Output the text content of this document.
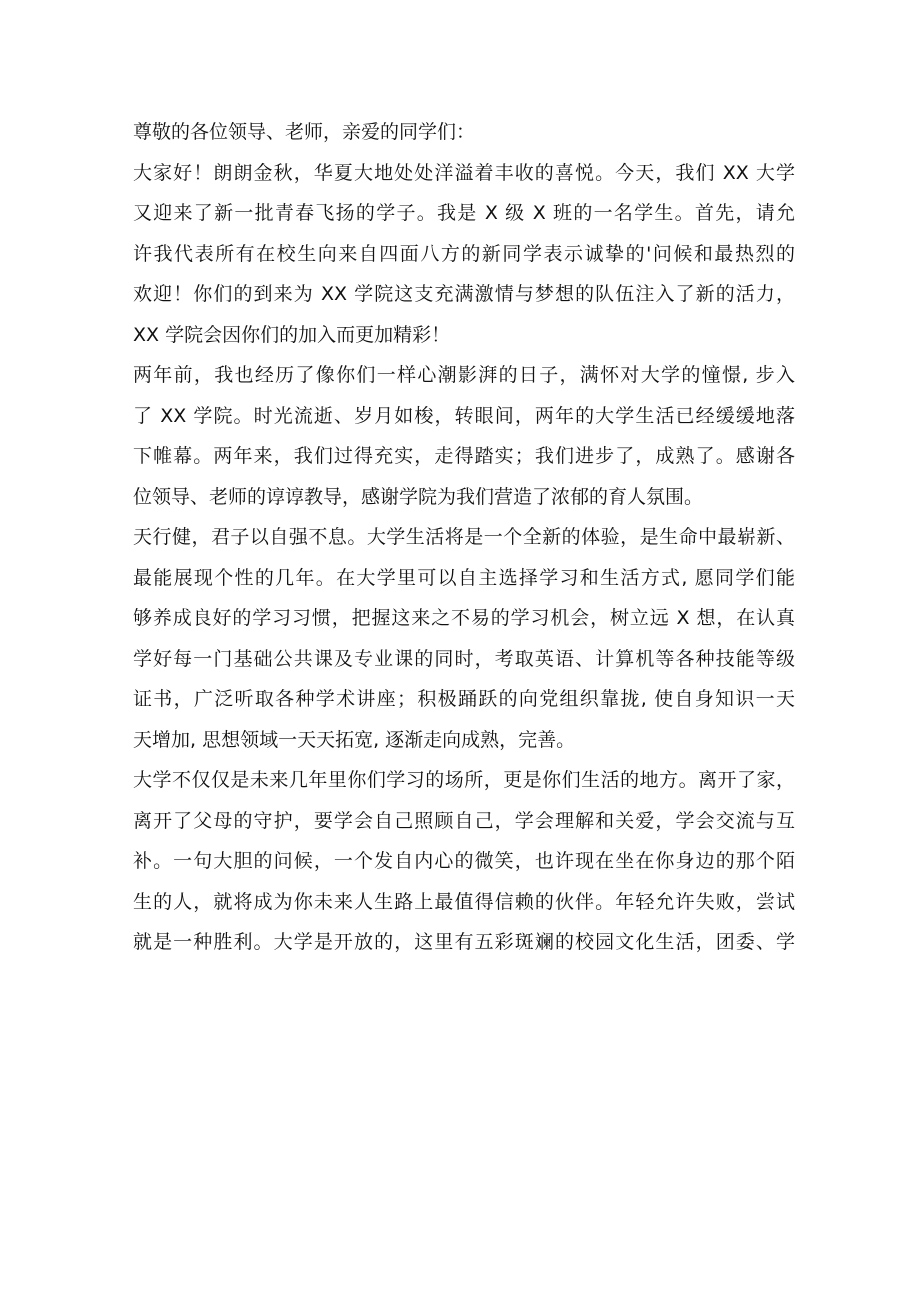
尊敬的各位领导、老师，亲爱的同学们：
大家好！朗朗金秋，华夏大地处处洋溢着丰收的喜悦。今天，我们 XX 大学
又迎来了新一批青春飞扬的学子。我是 X 级 X 班的一名学生。首先，请允
许我代表所有在校生向来自四面八方的新同学表示诚挚的'问候和最热烈的
欢迎！你们的到来为 XX 学院这支充满激情与梦想的队伍注入了新的活力，
XX 学院会因你们的加入而更加精彩！
两年前，我也经历了像你们一样心潮影湃的日子，满怀对大学的憧憬, 步入
了 XX 学院。时光流逝、岁月如梭，转眼间，两年的大学生活已经缓缓地落
下帷幕。两年来，我们过得充实，走得踏实；我们进步了，成熟了。感谢各
位领导、老师的谆谆教导，感谢学院为我们营造了浓郁的育人氛围。
天行健，君子以自强不息。大学生活将是一个全新的体验，是生命中最崭新、
最能展现个性的几年。在大学里可以自主选择学习和生活方式, 愿同学们能
够养成良好的学习习惯，把握这来之不易的学习机会，树立远 X 想，在认真
学好每一门基础公共课及专业课的同时，考取英语、计算机等各种技能等级
证书，广泛听取各种学术讲座；积极踊跃的向党组织靠拢, 使自身知识一天
天增加, 思想领域一天天拓宽, 逐渐走向成熟，完善。
大学不仅仅是未来几年里你们学习的场所，更是你们生活的地方。离开了家，
离开了父母的守护，要学会自己照顾自己，学会理解和关爱，学会交流与互
补。一句大胆的问候，一个发自内心的微笑，也许现在坐在你身边的那个陌
生的人，就将成为你未来人生路上最值得信赖的伙伴。年轻允许失败，尝试
就是一种胜利。大学是开放的，这里有五彩斑斓的校园文化生活，团委、学
